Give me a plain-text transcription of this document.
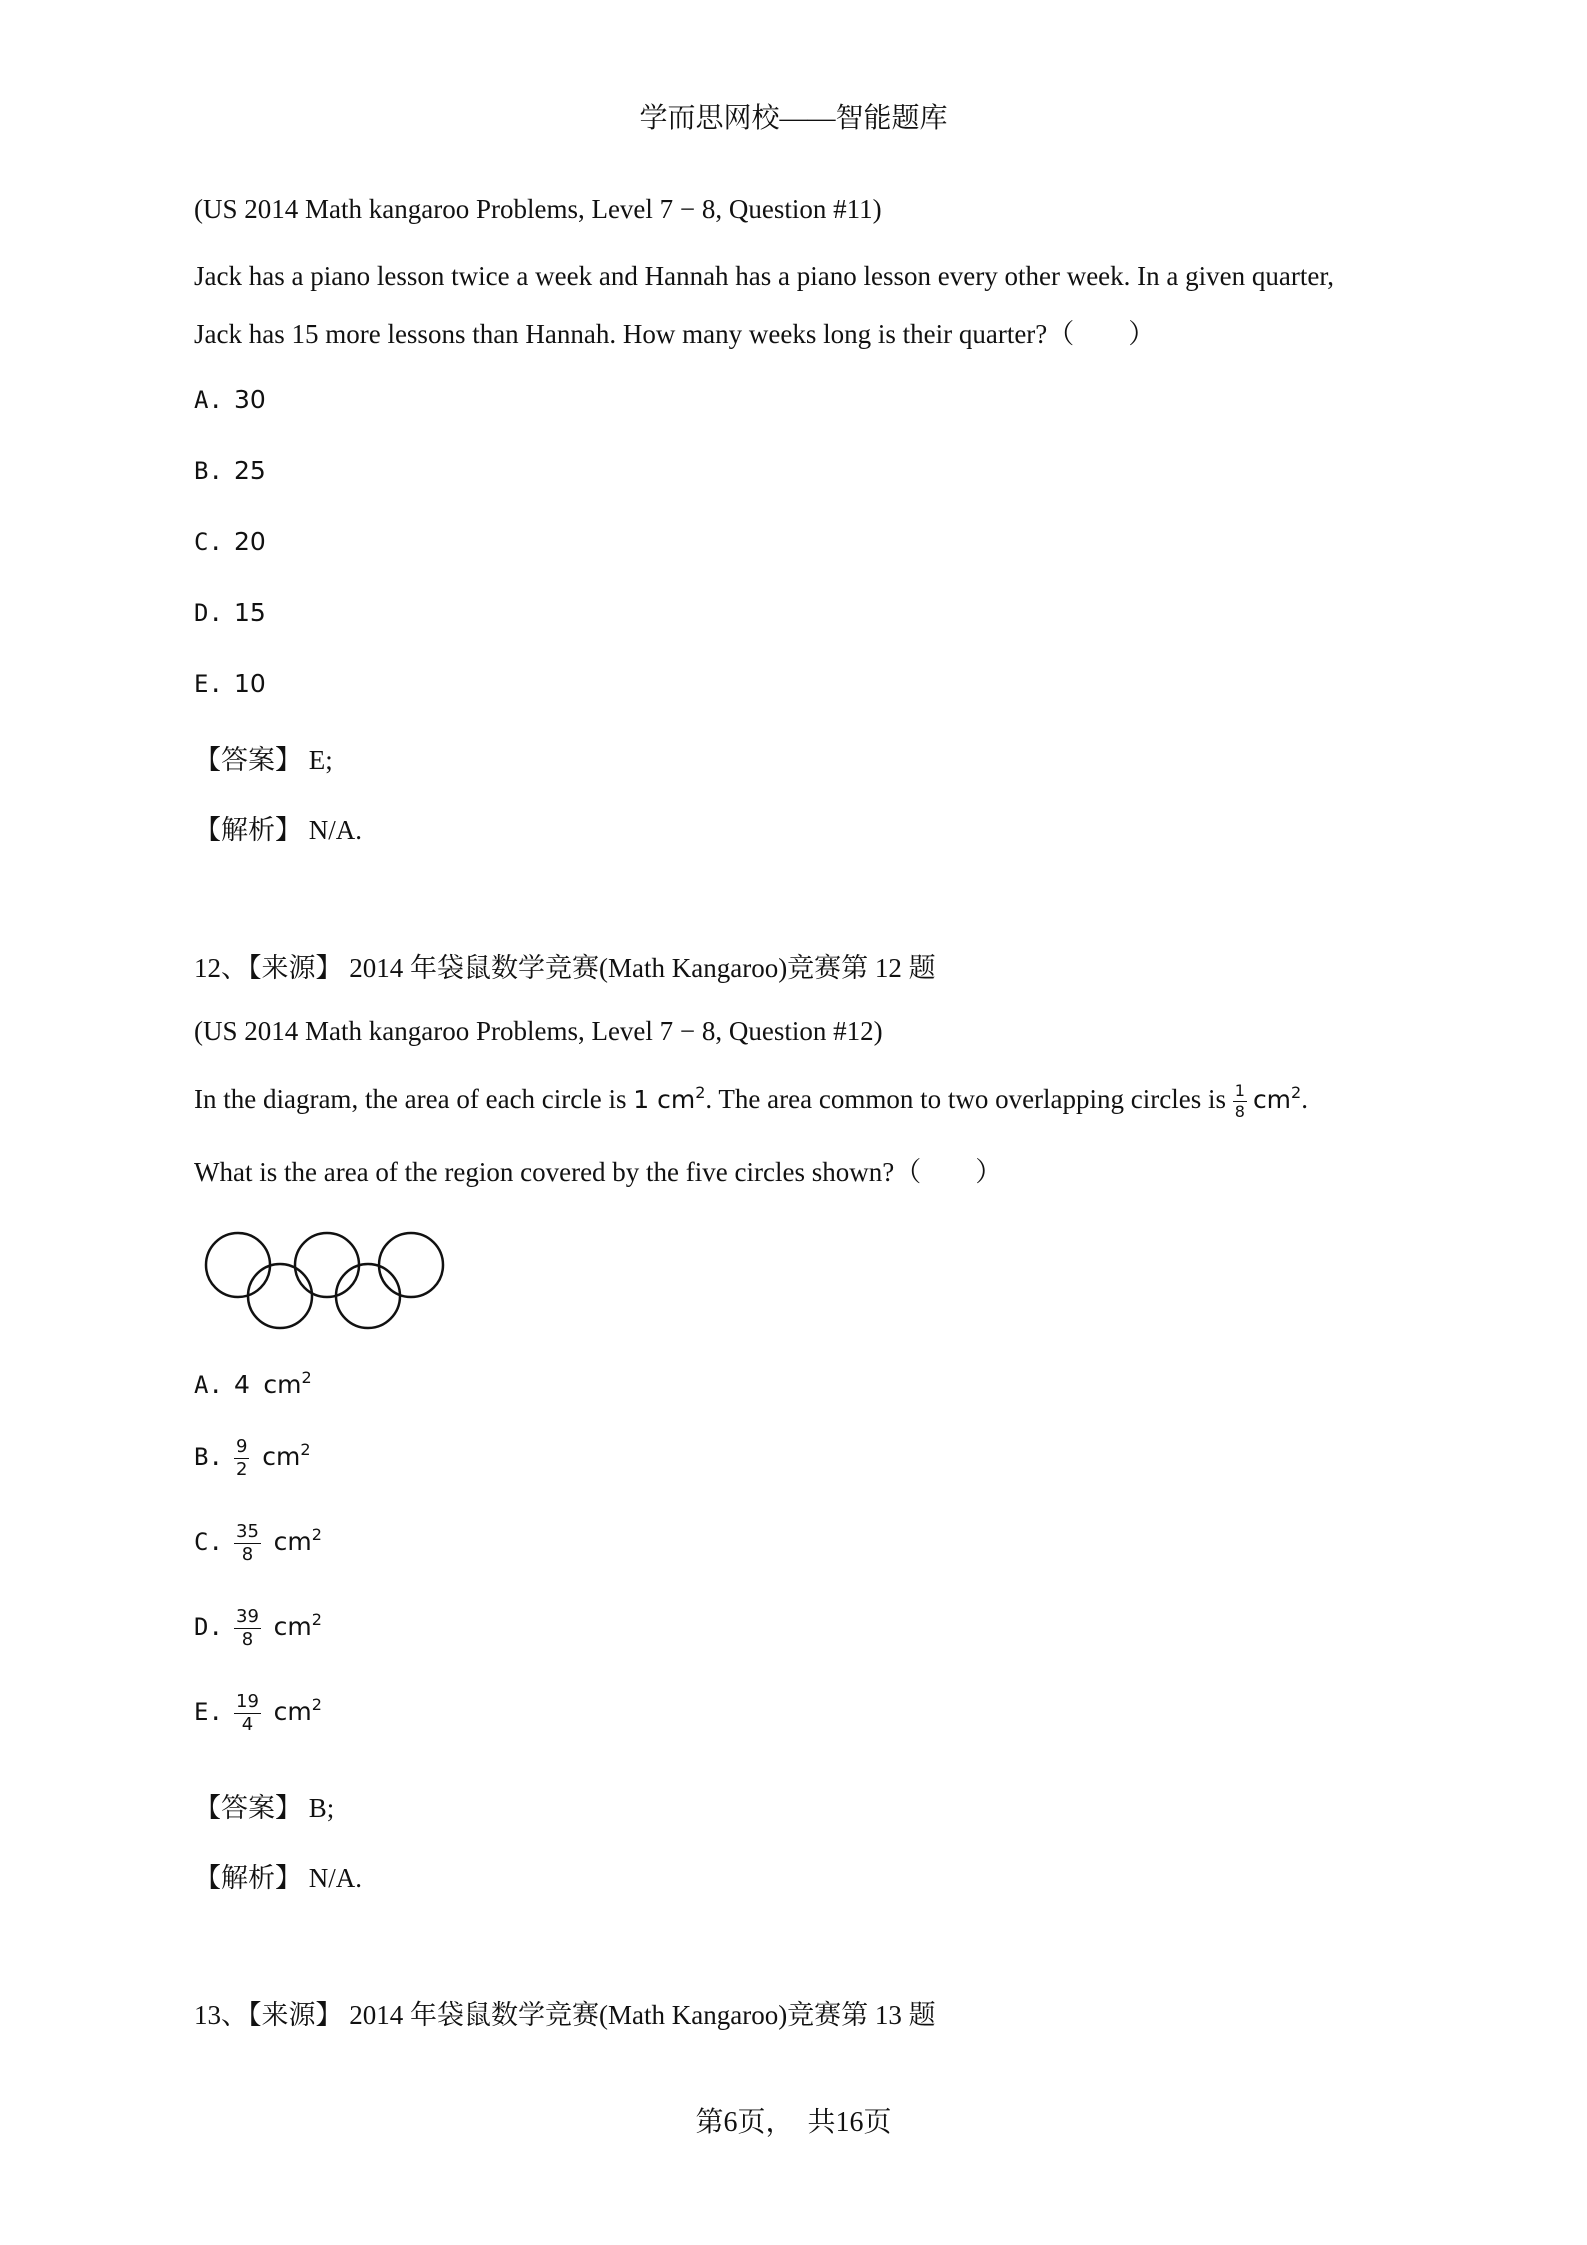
学而思网校——智能题库
(US 2014 Math kangaroo Problems, Level 7 − 8, Question #11)
Jack has a piano lesson twice a week and Hannah has a piano lesson every other week. In a given quarter,
Jack has 15 more lessons than Hannah. How many weeks long is their quarter?（　　）
A. 30
B. 25
C. 20
D. 15
E. 10
【答案】 E;
【解析】 N/A.
12、【来源】 2014 年袋鼠数学竞赛(Math Kangaroo)竞赛第 12 题
(US 2014 Math kangaroo Problems, Level 7 − 8, Question #12)
In the diagram, the area of each circle is 1 $cm^2$. The area common to two overlapping circles is $\frac{1}{8} cm^2$.
What is the area of the region covered by the five circles shown?（　　）
A. 4 $cm^2$
B. $\frac{9}{2} cm^2$
C. $\frac{35}{8} cm^2$
D. $\frac{39}{8} cm^2$
E. $\frac{19}{4} cm^2$
【答案】 B;
【解析】 N/A.
13、【来源】 2014 年袋鼠数学竞赛(Math Kangaroo)竞赛第 13 题
第6页，　共16页
